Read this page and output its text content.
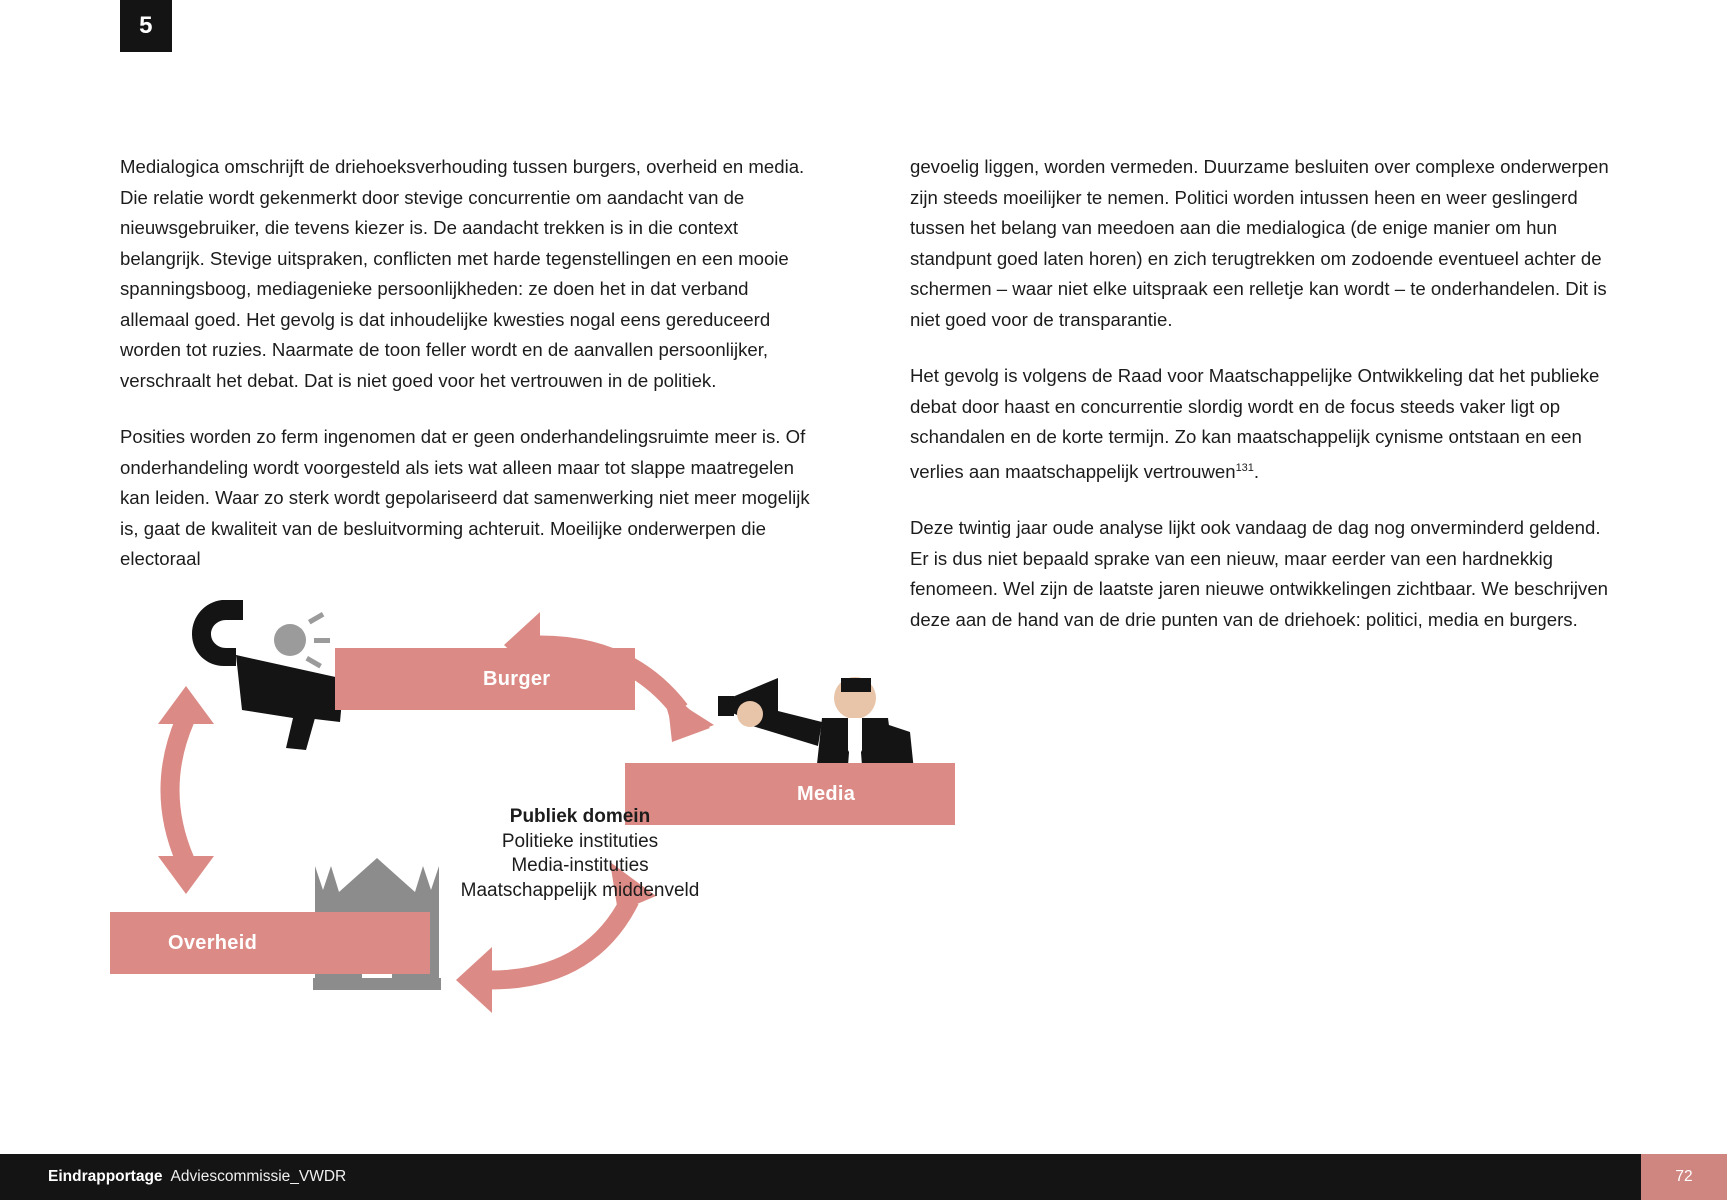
5

Medialogica omschrijft de driehoeksverhouding tussen burgers, overheid en media. Die relatie wordt gekenmerkt door stevige concurrentie om aandacht van de nieuwsgebruiker, die tevens kiezer is. De aandacht trekken is in die context belangrijk. Stevige uitspraken, conflicten met harde tegenstellingen en een mooie spanningsboog, mediagenieke persoonlijkheden: ze doen het in dat verband allemaal goed. Het gevolg is dat inhoudelijke kwesties nogal eens gereduceerd worden tot ruzies. Naarmate de toon feller wordt en de aanvallen persoonlijker, verschraalt het debat. Dat is niet goed voor het vertrouwen in de politiek.

Posities worden zo ferm ingenomen dat er geen onderhandelingsruimte meer is. Of onderhandeling wordt voorgesteld als iets wat alleen maar tot slappe maatregelen kan leiden. Waar zo sterk wordt gepolariseerd dat samenwerking niet meer mogelijk is, gaat de kwaliteit van de besluitvorming achteruit. Moeilijke onderwerpen die electoraal

gevoelig liggen, worden vermeden. Duurzame besluiten over complexe onderwerpen zijn steeds moeilijker te nemen. Politici worden intussen heen en weer geslingerd tussen het belang van meedoen aan die medialogica (de enige manier om hun standpunt goed laten horen) en zich terugtrekken om zodoende eventueel achter de schermen – waar niet elke uitspraak een relletje kan wordt – te onderhandelen. Dit is niet goed voor de transparantie.

Het gevolg is volgens de Raad voor Maatschappelijke Ontwikkeling dat het publieke debat door haast en concurrentie slordig wordt en de focus steeds vaker ligt op schandalen en de korte termijn. Zo kan maatschappelijk cynisme ontstaan en een verlies aan maatschappelijk vertrouwen$^{131}$.

Deze twintig jaar oude analyse lijkt ook vandaag de dag nog onverminderd geldend. Er is dus niet bepaald sprake van een nieuw, maar eerder van een hardnekkig fenomeen. Wel zijn de laatste jaren nieuwe ontwikkelingen zichtbaar. We beschrijven deze aan de hand van de drie punten van de driehoek: politici, media en burgers.

Burger
Media
Overheid
Publiek domein
Politieke instituties
Media-instituties
Maatschappelijk middenveld
Eindrapportage Adviescommissie_VWDR	72
